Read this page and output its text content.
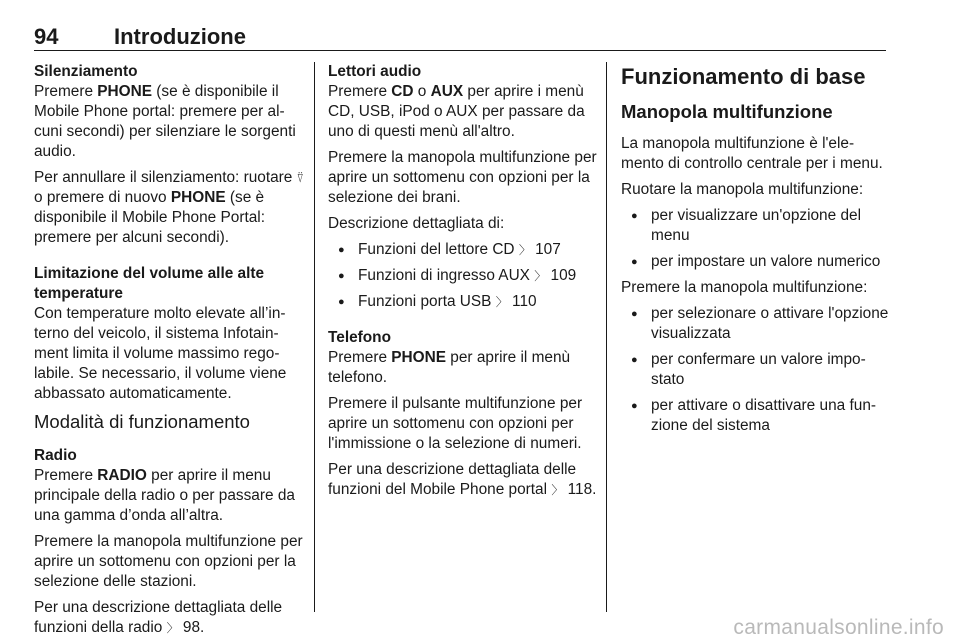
94	Introduzione
Silenziamento

Premere PHONE (se è disponibile il Mobile Phone portal: premere per alcuni secondi) per silenziare le sorgenti audio.

Per annullare il silenziamento: ruotare ⍢ o premere di nuovo PHONE (se è disponibile il Mobile Phone Portal: premere per alcuni secondi).

Limitazione del volume alle alte temperature

Con temperature molto elevate all’interno del veicolo, il sistema Infotainment limita il volume massimo regolabile. Se necessario, il volume viene abbassato automaticamente.

Modalità di funzionamento
Radio

Premere RADIO per aprire il menu principale della radio o per passare da una gamma d’onda all’altra.

Premere la manopola multifunzione per aprire un sottomenu con opzioni per la selezione delle stazioni.

Per una descrizione dettagliata delle funzioni della radio 〉 98.

Lettori audio

Premere CD o AUX per aprire i menù CD, USB, iPod o AUX per passare da uno di questi menù all'altro.

Premere la manopola multifunzione per aprire un sottomenu con opzioni per la selezione dei brani.

Descrizione dettagliata di:

● Funzioni del lettore CD 〉 107
● Funzioni di ingresso AUX 〉 109
● Funzioni porta USB 〉 110
Telefono

Premere PHONE per aprire il menù telefono.

Premere il pulsante multifunzione per aprire un sottomenu con opzioni per l'immissione o la selezione di numeri.

Per una descrizione dettagliata delle funzioni del Mobile Phone portal 〉 118.

Funzionamento di base
Manopola multifunzione

La manopola multifunzione è l'elemento di controllo centrale per i menu.

Ruotare la manopola multifunzione:

● per visualizzare un'opzione del menu
● per impostare un valore numerico

Premere la manopola multifunzione:

● per selezionare o attivare l'opzione visualizzata
● per confermare un valore impostato
● per attivare o disattivare una funzione del sistema
carmanualsonline.info
